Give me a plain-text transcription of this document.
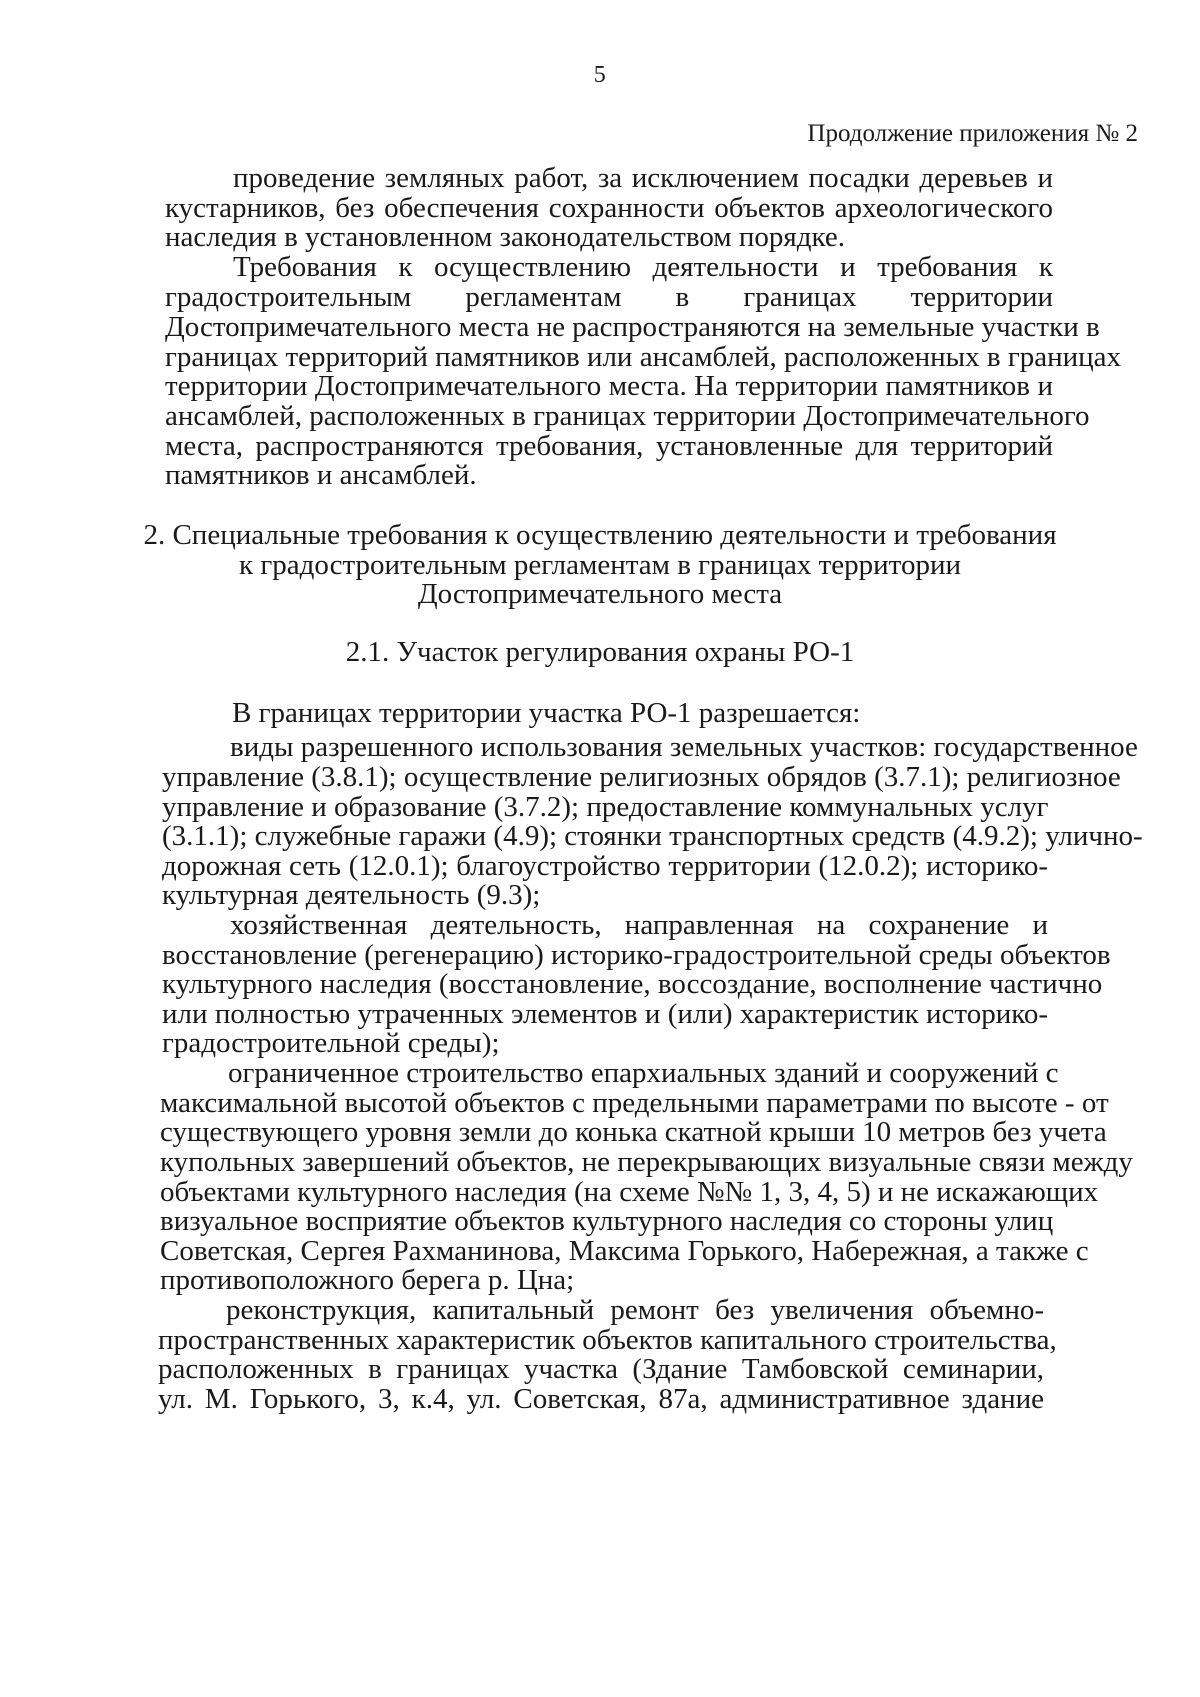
5
Продолжение приложения № 2
проведение земляных работ, за исключением посадки деревьев и
кустарников, без обеспечения сохранности объектов археологического
наследия в установленном законодательством порядке.
Требования к осуществлению деятельности и требования к
градостроительным регламентам в границах территории
Достопримечательного места не распространяются на земельные участки в
границах территорий памятников или ансамблей, расположенных в границах
территории Достопримечательного места. На территории памятников и
ансамблей, расположенных в границах территории Достопримечательного
места, распространяются требования, установленные для территорий
памятников и ансамблей.
2. Специальные требования к осуществлению деятельности и требования
к градостроительным регламентам в границах территории
Достопримечательного места
2.1. Участок регулирования охраны РО-1
В границах территории участка РО-1 разрешается:
виды разрешенного использования земельных участков: государственное
управление (3.8.1); осуществление религиозных обрядов (3.7.1); религиозное
управление и образование (3.7.2); предоставление коммунальных услуг
(3.1.1); служебные гаражи (4.9); стоянки транспортных средств (4.9.2); улично-
дорожная сеть (12.0.1); благоустройство территории (12.0.2); историко-
культурная деятельность (9.3);
хозяйственная деятельность, направленная на сохранение и
восстановление (регенерацию) историко-градостроительной среды объектов
культурного наследия (восстановление, воссоздание, восполнение частично
или полностью утраченных элементов и (или) характеристик историко-
градостроительной среды);
ограниченное строительство епархиальных зданий и сооружений с
максимальной высотой объектов с предельными параметрами по высоте - от
существующего уровня земли до конька скатной крыши 10 метров без учета
купольных завершений объектов, не перекрывающих визуальные связи между
объектами культурного наследия (на схеме №№ 1, 3, 4, 5) и не искажающих
визуальное восприятие объектов культурного наследия со стороны улиц
Советская, Сергея Рахманинова, Максима Горького, Набережная, а также с
противоположного берега р. Цна;
реконструкция, капитальный ремонт без увеличения объемно-
пространственных характеристик объектов капитального строительства,
расположенных в границах участка (Здание Тамбовской семинарии,
ул. М. Горького, 3, к.4, ул. Советская, 87а, административное здание
